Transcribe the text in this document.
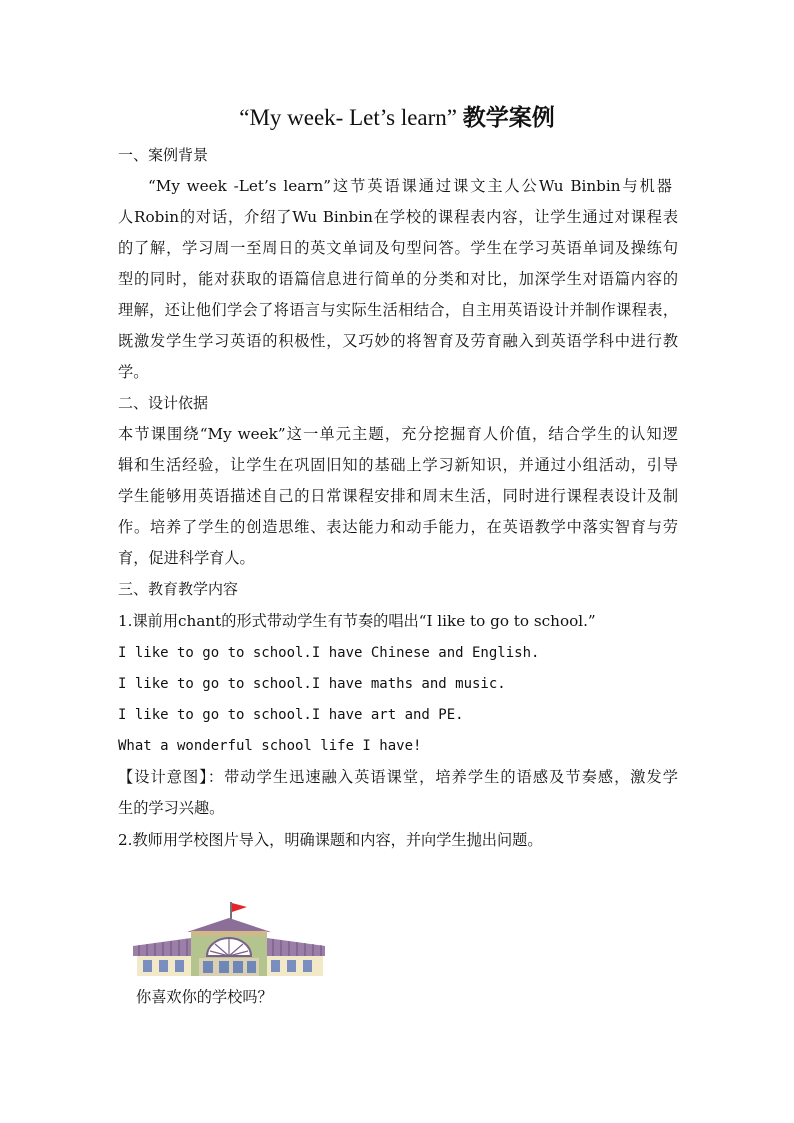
“My week- Let’s learn” 教学案例
一、案例背景
“My week -Let’s learn”这节英语课通过课文主人公Wu Binbin与机器
人Robin的对话，介绍了Wu Binbin在学校的课程表内容，让学生通过对课程表
的了解，学习周一至周日的英文单词及句型问答。学生在学习英语单词及操练句
型的同时，能对获取的语篇信息进行简单的分类和对比，加深学生对语篇内容的
理解，还让他们学会了将语言与实际生活相结合，自主用英语设计并制作课程表，
既激发学生学习英语的积极性，又巧妙的将智育及劳育融入到英语学科中进行教
学。
二、设计依据
本节课围绕“My week”这一单元主题，充分挖掘育人价值，结合学生的认知逻
辑和生活经验，让学生在巩固旧知的基础上学习新知识，并通过小组活动，引导
学生能够用英语描述自己的日常课程安排和周末生活，同时进行课程表设计及制
作。培养了学生的创造思维、表达能力和动手能力，在英语教学中落实智育与劳
育，促进科学育人。
三、教育教学内容
1.课前用chant的形式带动学生有节奏的唱出“I like to go to school.”
I like to go to school.I have Chinese and English.
I like to go to school.I have maths and music.
I like to go to school.I have art and PE.
What a wonderful school life I have!
【设计意图】：带动学生迅速融入英语课堂，培养学生的语感及节奏感，激发学
生的学习兴趣。
2.教师用学校图片导入，明确课题和内容，并向学生抛出问题。
你喜欢你的学校吗？
